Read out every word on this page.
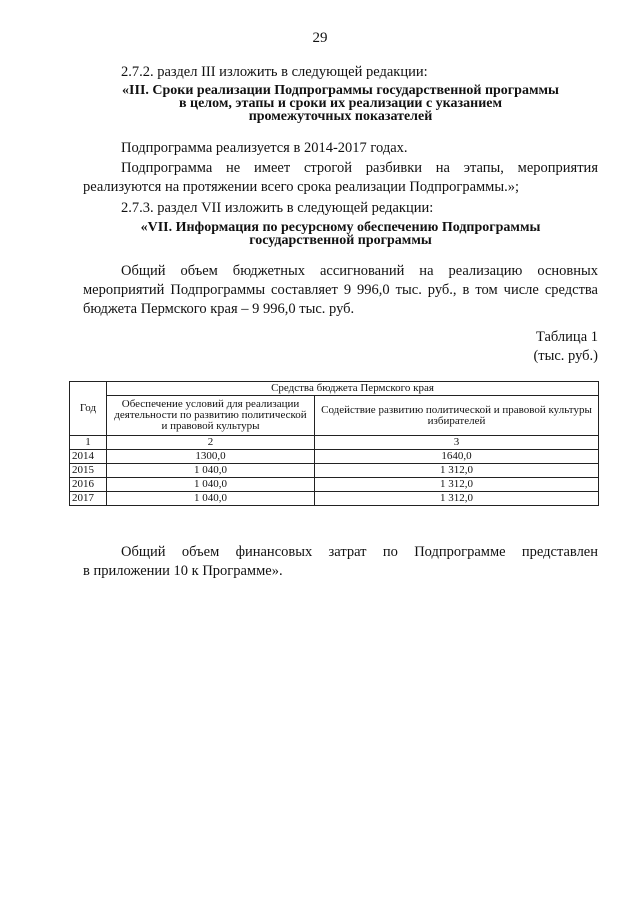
29
2.7.2. раздел III изложить в следующей редакции:
«III. Сроки реализации Подпрограммы государственной программы
в целом, этапы и сроки их реализации с указанием
промежуточных показателей
Подпрограмма реализуется в 2014-2017 годах.
Подпрограмма не имеет строгой разбивки на этапы, мероприятия
реализуются на протяжении всего срока реализации Подпрограммы.»;
2.7.3. раздел VII изложить в следующей редакции:
«VII. Информация по ресурсному обеспечению Подпрограммы
государственной программы
Общий объем бюджетных ассигнований на реализацию основных
мероприятий Подпрограммы составляет 9 996,0 тыс. руб., в том числе средства
бюджета Пермского края – 9 996,0 тыс. руб.
Таблица 1
(тыс. руб.)
Год	Средства бюджета Пермского края	
	Обеспечение условий для реализации деятельности по развитию политической и правовой культуры	Содействие развитию политической и правовой культуры избирателей
1	2	3
2014	1300,0	1640,0
2015	1 040,0	1 312,0
2016	1 040,0	1 312,0
2017	1 040,0	1 312,0
Общий объем финансовых затрат по Подпрограмме представлен
в приложении 10 к Программе».
